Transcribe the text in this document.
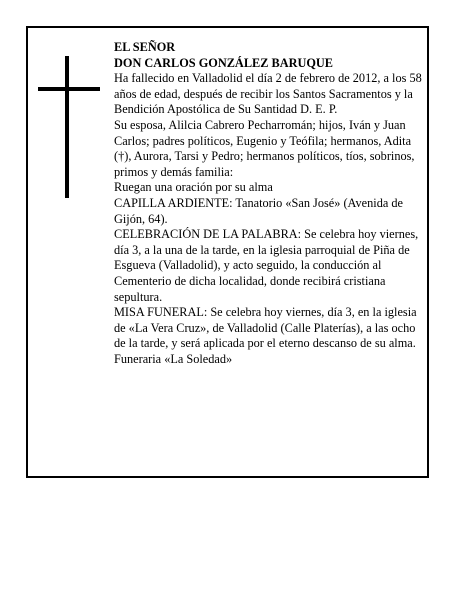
EL SEÑOR

DON CARLOS GONZÁLEZ BARUQUE

Ha fallecido en Valladolid el día 2 de febrero de 2012, a los 58 años de edad, después de recibir los Santos Sacramentos y la Bendición Apostólica de Su Santidad D. E. P.

Su esposa, Alilcia Cabrero Pecharromán; hijos, Iván y Juan Carlos; padres políticos, Eugenio y Teófila; hermanos, Adita (†), Aurora, Tarsi y Pedro; hermanos políticos, tíos, sobrinos, primos y demás familia:

Ruegan una oración por su alma

CAPILLA ARDIENTE: Tanatorio «San José» (Avenida de Gijón, 64).

CELEBRACIÓN DE LA PALABRA: Se celebra hoy viernes, día 3, a la una de la tarde, en la iglesia parroquial de Piña de Esgueva (Valladolid), y acto seguido, la conducción al Cementerio de dicha localidad, donde recibirá cristiana sepultura.

MISA FUNERAL: Se celebra hoy viernes, día 3, en la iglesia de «La Vera Cruz», de Valladolid (Calle Platerías), a las ocho de la tarde, y será aplicada por el eterno descanso de su alma.

Funeraria «La Soledad»
